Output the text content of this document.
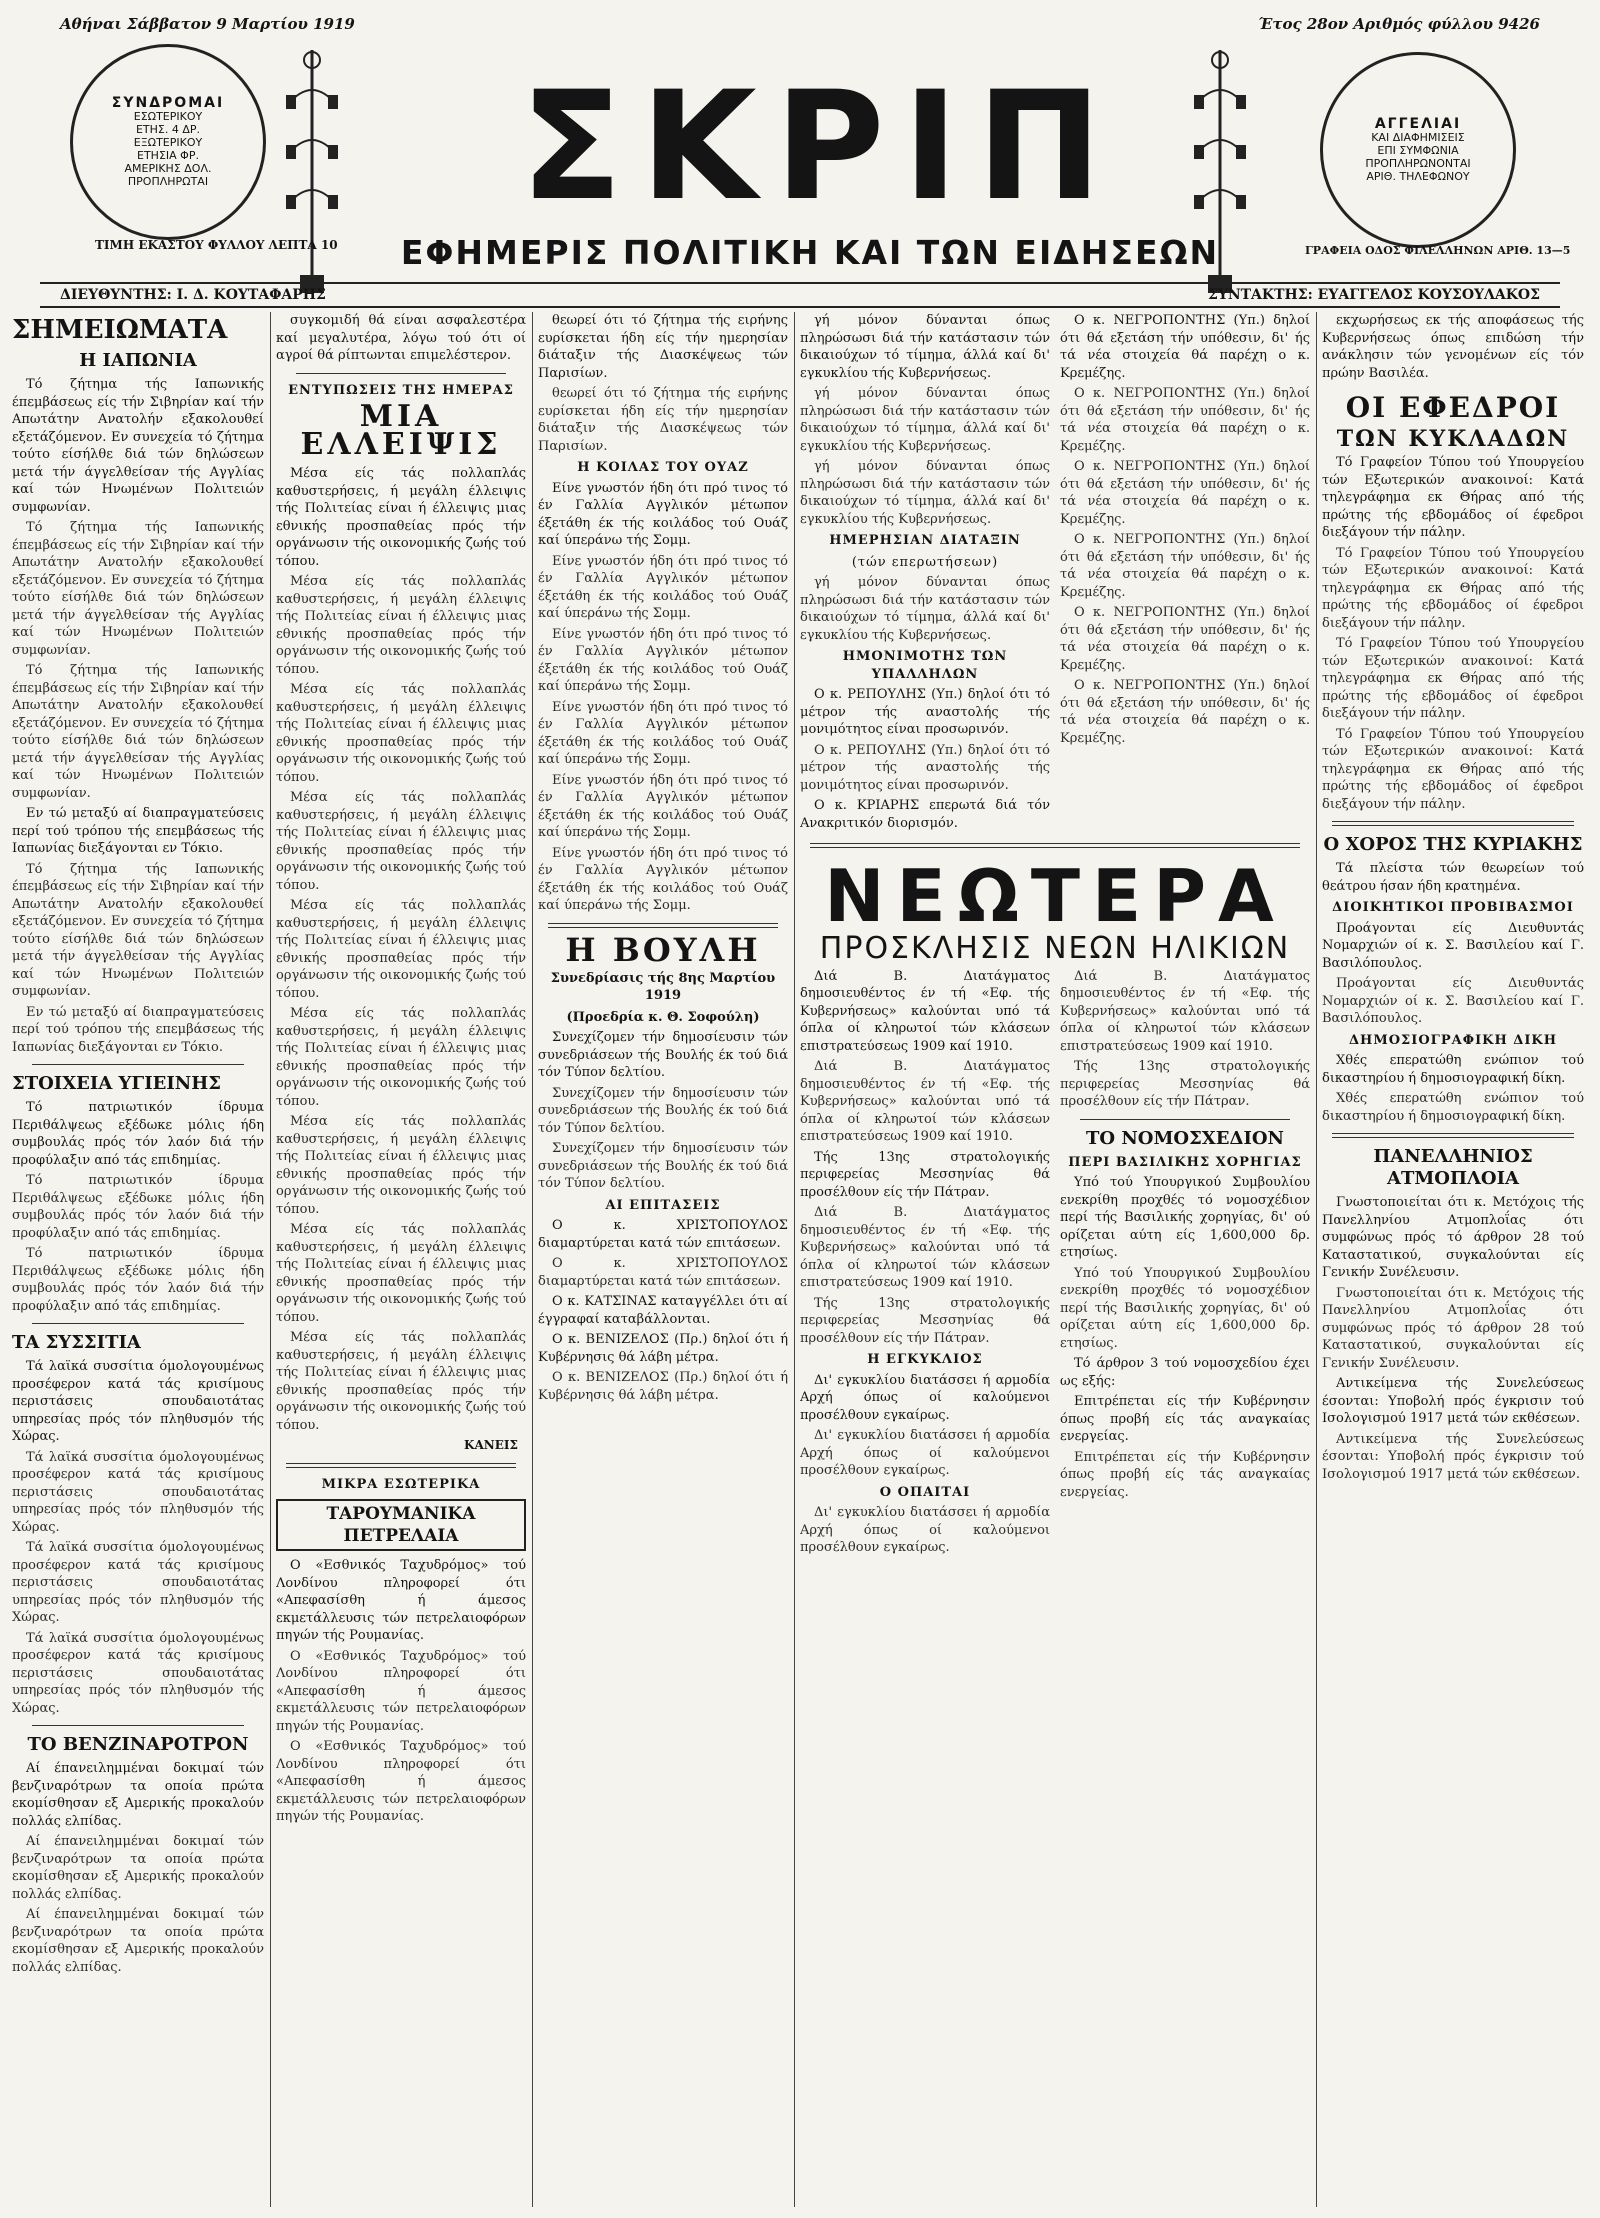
Αθήναι Σάββατον 9 Μαρτίου 1919	Έτος 28ον Αριθμός φύλλου 9426
ΣΥΝΔΡΟΜΑΙ
ΕΣΩΤΕΡΙΚΟΥ
ΕΤΗΣ. 4 ΔΡ.
ΕΞΩΤΕΡΙΚΟΥ
ΕΤΗΣΙΑ ΦΡ.
ΑΜΕΡΙΚΗΣ ΔΟΛ.
ΠΡΟΠΛΗΡΩΤΑΙ ΣΚΡΙΠ	ΑΓΓΕΛΙΑΙ
ΚΑΙ ΔΙΑΦΗΜΙΣΕΙΣ
ΕΠΙ ΣΥΜΦΩΝΙΑ
ΠΡΟΠΛΗΡΩΝΟΝΤΑΙ
ΑΡΙΘ. ΤΗΛΕΦΩΝΟΥ
ΤΙΜΗ ΕΚΑΣΤΟΥ ΦΥΛΛΟΥ ΛΕΠΤΑ 10 ΕΦΗΜΕΡΙΣ ΠΟΛΙΤΙΚΗ ΚΑΙ ΤΩΝ ΕΙΔΗΣΕΩΝ	ΓΡΑΦΕΙΑ ΟΔΟΣ ΦΙΛΕΛΛΗΝΩΝ ΑΡΙΘ. 13—5
ΔΙΕΥΘΥΝΤΗΣ: Ι. Δ. ΚΟΥΤΑΦΑΡΗΣ	ΣΥΝΤΑΚΤΗΣ: ΕΥΑΓΓΕΛΟΣ ΚΟΥΣΟΥΛΑΚΟΣ
ΣΗΜΕΙΩΜΑΤΑ
Η ΙΑΠΩΝΙΑ

Τό ζήτημα τής Ιαπωνικής έπεμβάσεως είς τήν Σιβηρίαν καί τήν Απωτάτην Ανατολήν εξακολουθεί εξετάζόμενον. Εν συνεχεία τό ζήτημα τούτο είσήλθε διά τών δηλώσεων μετά τήν άγγελθείσαν τής Αγγλίας καί τών Ηνωμένων Πολιτειών συμφωνίαν.

Τό ζήτημα τής Ιαπωνικής έπεμβάσεως είς τήν Σιβηρίαν καί τήν Απωτάτην Ανατολήν εξακολουθεί εξετάζόμενον. Εν συνεχεία τό ζήτημα τούτο είσήλθε διά τών δηλώσεων μετά τήν άγγελθείσαν τής Αγγλίας καί τών Ηνωμένων Πολιτειών συμφωνίαν.

Τό ζήτημα τής Ιαπωνικής έπεμβάσεως είς τήν Σιβηρίαν καί τήν Απωτάτην Ανατολήν εξακολουθεί εξετάζόμενον. Εν συνεχεία τό ζήτημα τούτο είσήλθε διά τών δηλώσεων μετά τήν άγγελθείσαν τής Αγγλίας καί τών Ηνωμένων Πολιτειών συμφωνίαν.

Εν τώ μεταξύ αί διαπραγματεύσεις περί τού τρόπου τής επεμβάσεως τής Ιαπωνίας διεξάγονται εν Τόκιο.

Τό ζήτημα τής Ιαπωνικής έπεμβάσεως είς τήν Σιβηρίαν καί τήν Απωτάτην Ανατολήν εξακολουθεί εξετάζόμενον. Εν συνεχεία τό ζήτημα τούτο είσήλθε διά τών δηλώσεων μετά τήν άγγελθείσαν τής Αγγλίας καί τών Ηνωμένων Πολιτειών συμφωνίαν.

Εν τώ μεταξύ αί διαπραγματεύσεις περί τού τρόπου τής επεμβάσεως τής Ιαπωνίας διεξάγονται εν Τόκιο.

ΣΤΟΙΧΕΙΑ ΥΓΙΕΙΝΗΣ

Τό πατριωτικόν ίδρυμα Περιθάλψεως εξέδωκε μόλις ήδη συμβουλάς πρός τόν λαόν διά τήν προφύλαξιν από τάς επιδημίας.

Τό πατριωτικόν ίδρυμα Περιθάλψεως εξέδωκε μόλις ήδη συμβουλάς πρός τόν λαόν διά τήν προφύλαξιν από τάς επιδημίας.

Τό πατριωτικόν ίδρυμα Περιθάλψεως εξέδωκε μόλις ήδη συμβουλάς πρός τόν λαόν διά τήν προφύλαξιν από τάς επιδημίας.

ΤΑ ΣΥΣΣΙΤΙΑ

Τά λαϊκά συσσίτια όμολογουμένως προσέφερον κατά τάς κρισίμους περιστάσεις σπουδαιοτάτας υπηρεσίας πρός τόν πληθυσμόν τής Χώρας.

Τά λαϊκά συσσίτια όμολογουμένως προσέφερον κατά τάς κρισίμους περιστάσεις σπουδαιοτάτας υπηρεσίας πρός τόν πληθυσμόν τής Χώρας.

Τά λαϊκά συσσίτια όμολογουμένως προσέφερον κατά τάς κρισίμους περιστάσεις σπουδαιοτάτας υπηρεσίας πρός τόν πληθυσμόν τής Χώρας.

Τά λαϊκά συσσίτια όμολογουμένως προσέφερον κατά τάς κρισίμους περιστάσεις σπουδαιοτάτας υπηρεσίας πρός τόν πληθυσμόν τής Χώρας.

ΤΟ ΒΕΝΖΙΝΑΡΟΤΡΟΝ

Αί έπανειλημμέναι δοκιμαί τών βενζιναρότρων τα οποία πρώτα εκομίσθησαν εξ Αμερικής προκαλούν πολλάς ελπίδας.

Αί έπανειλημμέναι δοκιμαί τών βενζιναρότρων τα οποία πρώτα εκομίσθησαν εξ Αμερικής προκαλούν πολλάς ελπίδας.

Αί έπανειλημμέναι δοκιμαί τών βενζιναρότρων τα οποία πρώτα εκομίσθησαν εξ Αμερικής προκαλούν πολλάς ελπίδας.

συγκομιδή θά είναι ασφαλεστέρα καί μεγαλυτέρα, λόγω τού ότι οί αγροί θά ρίπτωνται επιμελέστερον.

ΕΝΤΥΠΩΣΕΙΣ ΤΗΣ ΗΜΕΡΑΣ
ΜΙΑ ΕΛΛΕΙΨΙΣ

Μέσα είς τάς πολλαπλάς καθυστερήσεις, ή μεγάλη έλλειψις τής Πολιτείας είναι ή έλλειψις μιας εθνικής προσπαθείας πρός τήν οργάνωσιν τής οικονομικής ζωής τού τόπου.

Μέσα είς τάς πολλαπλάς καθυστερήσεις, ή μεγάλη έλλειψις τής Πολιτείας είναι ή έλλειψις μιας εθνικής προσπαθείας πρός τήν οργάνωσιν τής οικονομικής ζωής τού τόπου.

Μέσα είς τάς πολλαπλάς καθυστερήσεις, ή μεγάλη έλλειψις τής Πολιτείας είναι ή έλλειψις μιας εθνικής προσπαθείας πρός τήν οργάνωσιν τής οικονομικής ζωής τού τόπου.

Μέσα είς τάς πολλαπλάς καθυστερήσεις, ή μεγάλη έλλειψις τής Πολιτείας είναι ή έλλειψις μιας εθνικής προσπαθείας πρός τήν οργάνωσιν τής οικονομικής ζωής τού τόπου.

Μέσα είς τάς πολλαπλάς καθυστερήσεις, ή μεγάλη έλλειψις τής Πολιτείας είναι ή έλλειψις μιας εθνικής προσπαθείας πρός τήν οργάνωσιν τής οικονομικής ζωής τού τόπου.

Μέσα είς τάς πολλαπλάς καθυστερήσεις, ή μεγάλη έλλειψις τής Πολιτείας είναι ή έλλειψις μιας εθνικής προσπαθείας πρός τήν οργάνωσιν τής οικονομικής ζωής τού τόπου.

Μέσα είς τάς πολλαπλάς καθυστερήσεις, ή μεγάλη έλλειψις τής Πολιτείας είναι ή έλλειψις μιας εθνικής προσπαθείας πρός τήν οργάνωσιν τής οικονομικής ζωής τού τόπου.

Μέσα είς τάς πολλαπλάς καθυστερήσεις, ή μεγάλη έλλειψις τής Πολιτείας είναι ή έλλειψις μιας εθνικής προσπαθείας πρός τήν οργάνωσιν τής οικονομικής ζωής τού τόπου.

Μέσα είς τάς πολλαπλάς καθυστερήσεις, ή μεγάλη έλλειψις τής Πολιτείας είναι ή έλλειψις μιας εθνικής προσπαθείας πρός τήν οργάνωσιν τής οικονομικής ζωής τού τόπου.

ΚΑΝΕΙΣ
ΜΙΚΡΑ ΕΣΩΤΕΡΙΚΑ
ΤΑΡΟΥΜΑΝΙΚΑ ΠΕΤΡΕΛΑΙΑ

Ο «Εσθνικός Ταχυδρόμος» τού Λονδίνου πληροφορεί ότι «Απεφασίσθη ή άμεσος εκμετάλλευσις τών πετρελαιοφόρων πηγών τής Ρουμανίας.

Ο «Εσθνικός Ταχυδρόμος» τού Λονδίνου πληροφορεί ότι «Απεφασίσθη ή άμεσος εκμετάλλευσις τών πετρελαιοφόρων πηγών τής Ρουμανίας.

Ο «Εσθνικός Ταχυδρόμος» τού Λονδίνου πληροφορεί ότι «Απεφασίσθη ή άμεσος εκμετάλλευσις τών πετρελαιοφόρων πηγών τής Ρουμανίας.

θεωρεί ότι τό ζήτημα τής ειρήνης ευρίσκεται ήδη είς τήν ημερησίαν διάταξιν τής Διασκέψεως τών Παρισίων.

θεωρεί ότι τό ζήτημα τής ειρήνης ευρίσκεται ήδη είς τήν ημερησίαν διάταξιν τής Διασκέψεως τών Παρισίων.

Η ΚΟΙΛΑΣ ΤΟΥ ΟΥΑΖ

Είνε γνωστόν ήδη ότι πρό τινος τό έν Γαλλία Αγγλικόν μέτωπον έξετάθη έκ τής κοιλάδος τού Ουάζ καί ύπεράνω τής Σομμ.

Είνε γνωστόν ήδη ότι πρό τινος τό έν Γαλλία Αγγλικόν μέτωπον έξετάθη έκ τής κοιλάδος τού Ουάζ καί ύπεράνω τής Σομμ.

Είνε γνωστόν ήδη ότι πρό τινος τό έν Γαλλία Αγγλικόν μέτωπον έξετάθη έκ τής κοιλάδος τού Ουάζ καί ύπεράνω τής Σομμ.

Είνε γνωστόν ήδη ότι πρό τινος τό έν Γαλλία Αγγλικόν μέτωπον έξετάθη έκ τής κοιλάδος τού Ουάζ καί ύπεράνω τής Σομμ.

Είνε γνωστόν ήδη ότι πρό τινος τό έν Γαλλία Αγγλικόν μέτωπον έξετάθη έκ τής κοιλάδος τού Ουάζ καί ύπεράνω τής Σομμ.

Είνε γνωστόν ήδη ότι πρό τινος τό έν Γαλλία Αγγλικόν μέτωπον έξετάθη έκ τής κοιλάδος τού Ουάζ καί ύπεράνω τής Σομμ.

Η ΒΟΥΛΗ
Συνεδρίασις τής 8ης Μαρτίου 1919
(Προεδρία κ. Θ. Σοφούλη)

Συνεχίζομεν τήν δημοσίευσιν τών συνεδριάσεων τής Βουλής έκ τού διά τόν Τύπον δελτίου.

Συνεχίζομεν τήν δημοσίευσιν τών συνεδριάσεων τής Βουλής έκ τού διά τόν Τύπον δελτίου.

Συνεχίζομεν τήν δημοσίευσιν τών συνεδριάσεων τής Βουλής έκ τού διά τόν Τύπον δελτίου.

ΑΙ ΕΠΙΤΑΣΕΙΣ

Ο κ. ΧΡΙΣΤΟΠΟΥΛΟΣ διαμαρτύρεται κατά τών επιτάσεων.

Ο κ. ΧΡΙΣΤΟΠΟΥΛΟΣ διαμαρτύρεται κατά τών επιτάσεων.

Ο κ. ΚΑΤΣΙΝΑΣ καταγγέλλει ότι αί έγγραφαί καταβάλλονται.

Ο κ. ΒΕΝΙΖΕΛΟΣ (Πρ.) δηλοί ότι ή Κυβέρνησις θά λάβη μέτρα.

Ο κ. ΒΕΝΙΖΕΛΟΣ (Πρ.) δηλοί ότι ή Κυβέρνησις θά λάβη μέτρα.

γή μόνον δύνανται όπως πληρώσωσι διά τήν κατάστασιν τών δικαιούχων τό τίμημα, άλλά καί δι' εγκυκλίου τής Κυβερνήσεως.

γή μόνον δύνανται όπως πληρώσωσι διά τήν κατάστασιν τών δικαιούχων τό τίμημα, άλλά καί δι' εγκυκλίου τής Κυβερνήσεως.

γή μόνον δύνανται όπως πληρώσωσι διά τήν κατάστασιν τών δικαιούχων τό τίμημα, άλλά καί δι' εγκυκλίου τής Κυβερνήσεως.

ΗΜΕΡΗΣΙΑΝ ΔΙΑΤΑΞΙΝ
(τών επερωτήσεων)

γή μόνον δύνανται όπως πληρώσωσι διά τήν κατάστασιν τών δικαιούχων τό τίμημα, άλλά καί δι' εγκυκλίου τής Κυβερνήσεως.

ΗΜΟΝΙΜΟΤΗΣ ΤΩΝ ΥΠΑΛΛΗΛΩΝ

Ο κ. ΡΕΠΟΥΛΗΣ (Υπ.) δηλοί ότι τό μέτρον τής αναστολής τής μονιμότητος είναι προσωρινόν.

Ο κ. ΡΕΠΟΥΛΗΣ (Υπ.) δηλοί ότι τό μέτρον τής αναστολής τής μονιμότητος είναι προσωρινόν.

Ο κ. ΚΡΙΑΡΗΣ επερωτά διά τόν Ανακριτικόν διορισμόν.

Ο κ. ΝΕΓΡΟΠΟΝΤΗΣ (Υπ.) δηλοί ότι θά εξετάση τήν υπόθεσιν, δι' ής τά νέα στοιχεία θά παρέχη ο κ. Κρεμέζης.

Ο κ. ΝΕΓΡΟΠΟΝΤΗΣ (Υπ.) δηλοί ότι θά εξετάση τήν υπόθεσιν, δι' ής τά νέα στοιχεία θά παρέχη ο κ. Κρεμέζης.

Ο κ. ΝΕΓΡΟΠΟΝΤΗΣ (Υπ.) δηλοί ότι θά εξετάση τήν υπόθεσιν, δι' ής τά νέα στοιχεία θά παρέχη ο κ. Κρεμέζης.

Ο κ. ΝΕΓΡΟΠΟΝΤΗΣ (Υπ.) δηλοί ότι θά εξετάση τήν υπόθεσιν, δι' ής τά νέα στοιχεία θά παρέχη ο κ. Κρεμέζης.

Ο κ. ΝΕΓΡΟΠΟΝΤΗΣ (Υπ.) δηλοί ότι θά εξετάση τήν υπόθεσιν, δι' ής τά νέα στοιχεία θά παρέχη ο κ. Κρεμέζης.

Ο κ. ΝΕΓΡΟΠΟΝΤΗΣ (Υπ.) δηλοί ότι θά εξετάση τήν υπόθεσιν, δι' ής τά νέα στοιχεία θά παρέχη ο κ. Κρεμέζης.

ΝΕΩΤΕΡΑ
ΠΡΟΣΚΛΗΣΙΣ ΝΕΩΝ ΗΛΙΚΙΩΝ

Διά Β. Διατάγματος δημοσιευθέντος έν τή «Εφ. τής Κυβερνήσεως» καλούνται υπό τά όπλα οί κληρωτοί τών κλάσεων επιστρατεύσεως 1909 καί 1910.

Διά Β. Διατάγματος δημοσιευθέντος έν τή «Εφ. τής Κυβερνήσεως» καλούνται υπό τά όπλα οί κληρωτοί τών κλάσεων επιστρατεύσεως 1909 καί 1910.

Τής 13ης στρατολογικής περιφερείας Μεσσηνίας θά προσέλθουν είς τήν Πάτραν.

Διά Β. Διατάγματος δημοσιευθέντος έν τή «Εφ. τής Κυβερνήσεως» καλούνται υπό τά όπλα οί κληρωτοί τών κλάσεων επιστρατεύσεως 1909 καί 1910.

Τής 13ης στρατολογικής περιφερείας Μεσσηνίας θά προσέλθουν είς τήν Πάτραν.

Η ΕΓΚΥΚΛΙΟΣ

Δι' εγκυκλίου διατάσσει ή αρμοδία Αρχή όπως οί καλούμενοι προσέλθουν εγκαίρως.

Δι' εγκυκλίου διατάσσει ή αρμοδία Αρχή όπως οί καλούμενοι προσέλθουν εγκαίρως.

Ο ΟΠΑΙΤΑΙ

Δι' εγκυκλίου διατάσσει ή αρμοδία Αρχή όπως οί καλούμενοι προσέλθουν εγκαίρως.

Διά Β. Διατάγματος δημοσιευθέντος έν τή «Εφ. τής Κυβερνήσεως» καλούνται υπό τά όπλα οί κληρωτοί τών κλάσεων επιστρατεύσεως 1909 καί 1910.

Τής 13ης στρατολογικής περιφερείας Μεσσηνίας θά προσέλθουν είς τήν Πάτραν.

ΤΟ ΝΟΜΟΣΧΕΔΙΟΝ
ΠΕΡΙ ΒΑΣΙΛΙΚΗΣ ΧΟΡΗΓΙΑΣ

Υπό τού Υπουργικού Συμβουλίου ενεκρίθη προχθές τό νομοσχέδιον περί τής Βασιλικής χορηγίας, δι' ού ορίζεται αύτη είς 1,600,000 δρ. ετησίως.

Υπό τού Υπουργικού Συμβουλίου ενεκρίθη προχθές τό νομοσχέδιον περί τής Βασιλικής χορηγίας, δι' ού ορίζεται αύτη είς 1,600,000 δρ. ετησίως.

Τό άρθρον 3 τού νομοσχεδίου έχει ως εξής:

Επιτρέπεται είς τήν Κυβέρνησιν όπως προβή είς τάς αναγκαίας ενεργείας.

Επιτρέπεται είς τήν Κυβέρνησιν όπως προβή είς τάς αναγκαίας ενεργείας.

εκχωρήσεως εκ τής αποφάσεως τής Κυβερνήσεως όπως επιδώση τήν ανάκλησιν τών γενομένων είς τόν πρώην Βασιλέα.

ΟΙ ΕΦΕΔΡΟΙ
ΤΩΝ ΚΥΚΛΑΔΩΝ

Τό Γραφείον Τύπου τού Υπουργείου τών Εξωτερικών ανακοινοί: Κατά τηλεγράφημα εκ Θήρας από τής πρώτης τής εβδομάδος οί έφεδροι διεξάγουν τήν πάλην.

Τό Γραφείον Τύπου τού Υπουργείου τών Εξωτερικών ανακοινοί: Κατά τηλεγράφημα εκ Θήρας από τής πρώτης τής εβδομάδος οί έφεδροι διεξάγουν τήν πάλην.

Τό Γραφείον Τύπου τού Υπουργείου τών Εξωτερικών ανακοινοί: Κατά τηλεγράφημα εκ Θήρας από τής πρώτης τής εβδομάδος οί έφεδροι διεξάγουν τήν πάλην.

Τό Γραφείον Τύπου τού Υπουργείου τών Εξωτερικών ανακοινοί: Κατά τηλεγράφημα εκ Θήρας από τής πρώτης τής εβδομάδος οί έφεδροι διεξάγουν τήν πάλην.

Ο ΧΟΡΟΣ ΤΗΣ ΚΥΡΙΑΚΗΣ

Τά πλείστα τών θεωρείων τού θεάτρου ήσαν ήδη κρατημένα.

ΔΙΟΙΚΗΤΙΚΟΙ ΠΡΟΒΙΒΑΣΜΟΙ

Προάγονται είς Διευθυντάς Νομαρχιών οί κ. Σ. Βασιλείου καί Γ. Βασιλόπουλος.

Προάγονται είς Διευθυντάς Νομαρχιών οί κ. Σ. Βασιλείου καί Γ. Βασιλόπουλος.

ΔΗΜΟΣΙΟΓΡΑΦΙΚΗ ΔΙΚΗ

Χθές επερατώθη ενώπιον τού δικαστηρίου ή δημοσιογραφική δίκη.

Χθές επερατώθη ενώπιον τού δικαστηρίου ή δημοσιογραφική δίκη.

ΠΑΝΕΛΛΗΝΙΟΣ ΑΤΜΟΠΛΟΙΑ

Γνωστοποιείται ότι κ. Μετόχοις τής Πανελληνίου Ατμοπλοΐας ότι συμφώνως πρός τό άρθρον 28 τού Καταστατικού, συγκαλούνται είς Γενικήν Συνέλευσιν.

Γνωστοποιείται ότι κ. Μετόχοις τής Πανελληνίου Ατμοπλοΐας ότι συμφώνως πρός τό άρθρον 28 τού Καταστατικού, συγκαλούνται είς Γενικήν Συνέλευσιν.

Αντικείμενα τής Συνελεύσεως έσονται: Υποβολή πρός έγκρισιν τού Ισολογισμού 1917 μετά τών εκθέσεων.

Αντικείμενα τής Συνελεύσεως έσονται: Υποβολή πρός έγκρισιν τού Ισολογισμού 1917 μετά τών εκθέσεων.
